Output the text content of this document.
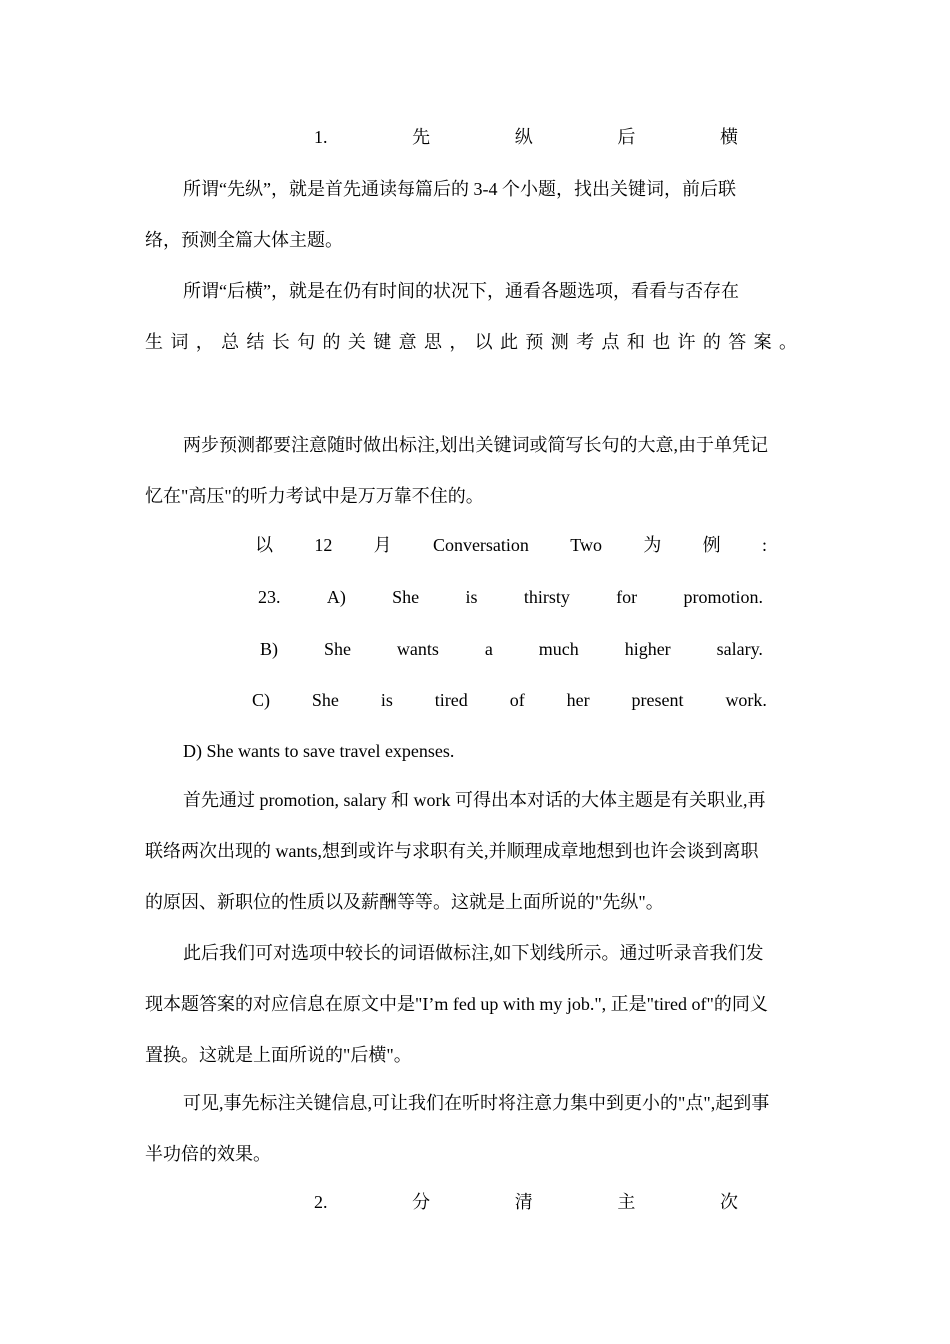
1.	先	纵	后	横
所谓“先纵”，就是首先通读每篇后的 3-4 个小题，找出关键词，前后联
络，预测全篇大体主题。
所谓“后横”，就是在仍有时间的状况下，通看各题选项，看看与否存在
生 词 ， 总 结 长 句 的 关 键 意 思 ， 以 此 预 测 考 点 和 也 许 的 答 案 。
两步预测都要注意随时做出标注,划出关键词或简写长句的大意,由于单凭记
忆在"高压"的听力考试中是万万靠不住的。
以 12 月 Conversation Two 为 例 :
23.	A)	She	is	thirsty	for	promotion.
B)	She	wants	a	much	higher	salary.
C) She is tired of her present work.
D) She wants to save travel expenses.
首先通过 promotion, salary 和 work 可得出本对话的大体主题是有关职业,再
联络两次出现的 wants,想到或许与求职有关,并顺理成章地想到也许会谈到离职
的原因、新职位的性质以及薪酬等等。这就是上面所说的"先纵"。
此后我们可对选项中较长的词语做标注,如下划线所示。通过听录音我们发
现本题答案的对应信息在原文中是"I’m fed up with my job.", 正是"tired of"的同义
置换。这就是上面所说的"后横"。
可见,事先标注关键信息,可让我们在听时将注意力集中到更小的"点",起到事
半功倍的效果。
2.	分	清	主	次
